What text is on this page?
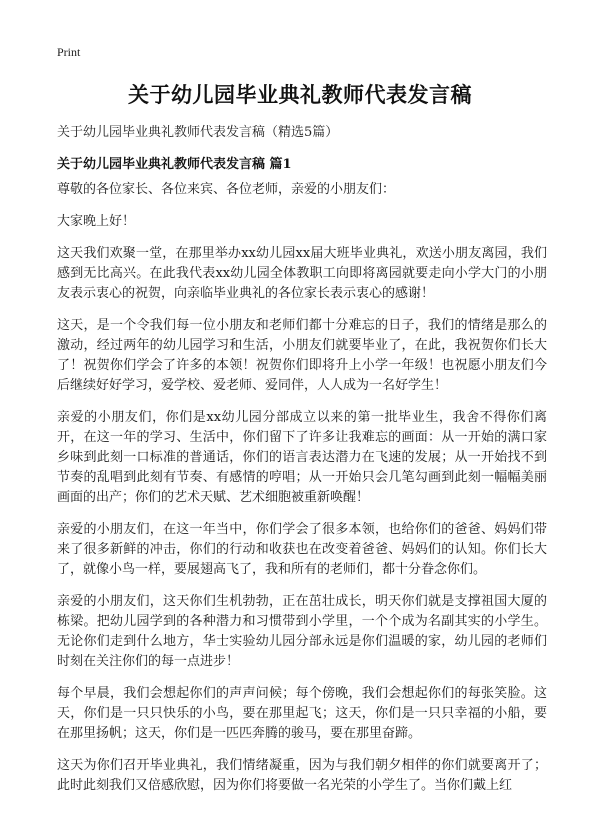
Print
关于幼儿园毕业典礼教师代表发言稿
关于幼儿园毕业典礼教师代表发言稿（精选5篇）
关于幼儿园毕业典礼教师代表发言稿 篇1

尊敬的各位家长、各位来宾、各位老师，亲爱的小朋友们：

大家晚上好！

这天我们欢聚一堂，在那里举办xx幼儿园xx届大班毕业典礼，欢送小朋友离园，我们感到无比高兴。在此我代表xx幼儿园全体教职工向即将离园就要走向小学大门的小朋友表示衷心的祝贺，向亲临毕业典礼的各位家长表示衷心的感谢！

这天，是一个令我们每一位小朋友和老师们都十分难忘的日子，我们的情绪是那么的激动，经过两年的幼儿园学习和生活，小朋友们就要毕业了，在此，我祝贺你们长大了！祝贺你们学会了许多的本领！祝贺你们即将升上小学一年级！也祝愿小朋友们今后继续好好学习，爱学校、爱老师、爱同伴，人人成为一名好学生！

亲爱的小朋友们，你们是xx幼儿园分部成立以来的第一批毕业生，我舍不得你们离开，在这一年的学习、生活中，你们留下了许多让我难忘的画面：从一开始的满口家乡味到此刻一口标准的普通话，你们的语言表达潜力在飞速的发展；从一开始找不到节奏的乱唱到此刻有节奏、有感情的哼唱；从一开始只会几笔勾画到此刻一幅幅美丽画面的出产；你们的艺术天赋、艺术细胞被重新唤醒！

亲爱的小朋友们，在这一年当中，你们学会了很多本领，也给你们的爸爸、妈妈们带来了很多新鲜的冲击，你们的行动和收获也在改变着爸爸、妈妈们的认知。你们长大了，就像小鸟一样，要展翅高飞了，我和所有的老师们，都十分眷念你们。

亲爱的小朋友们，这天你们生机勃勃，正在茁壮成长，明天你们就是支撑祖国大厦的栋梁。把幼儿园学到的各种潜力和习惯带到小学里，一个个成为名副其实的小学生。无论你们走到什么地方，华士实验幼儿园分部永远是你们温暖的家，幼儿园的老师们时刻在关注你们的每一点进步！

每个早晨，我们会想起你们的声声问候；每个傍晚，我们会想起你们的每张笑脸。这天，你们是一只只快乐的小鸟，要在那里起飞；这天，你们是一只只幸福的小船，要在那里扬帆；这天，你们是一匹匹奔腾的骏马，要在那里奋蹄。

这天为你们召开毕业典礼，我们情绪凝重，因为与我们朝夕相伴的你们就要离开了；此时此刻我们又倍感欣慰，因为你们将要做一名光荣的小学生了。当你们戴上红
